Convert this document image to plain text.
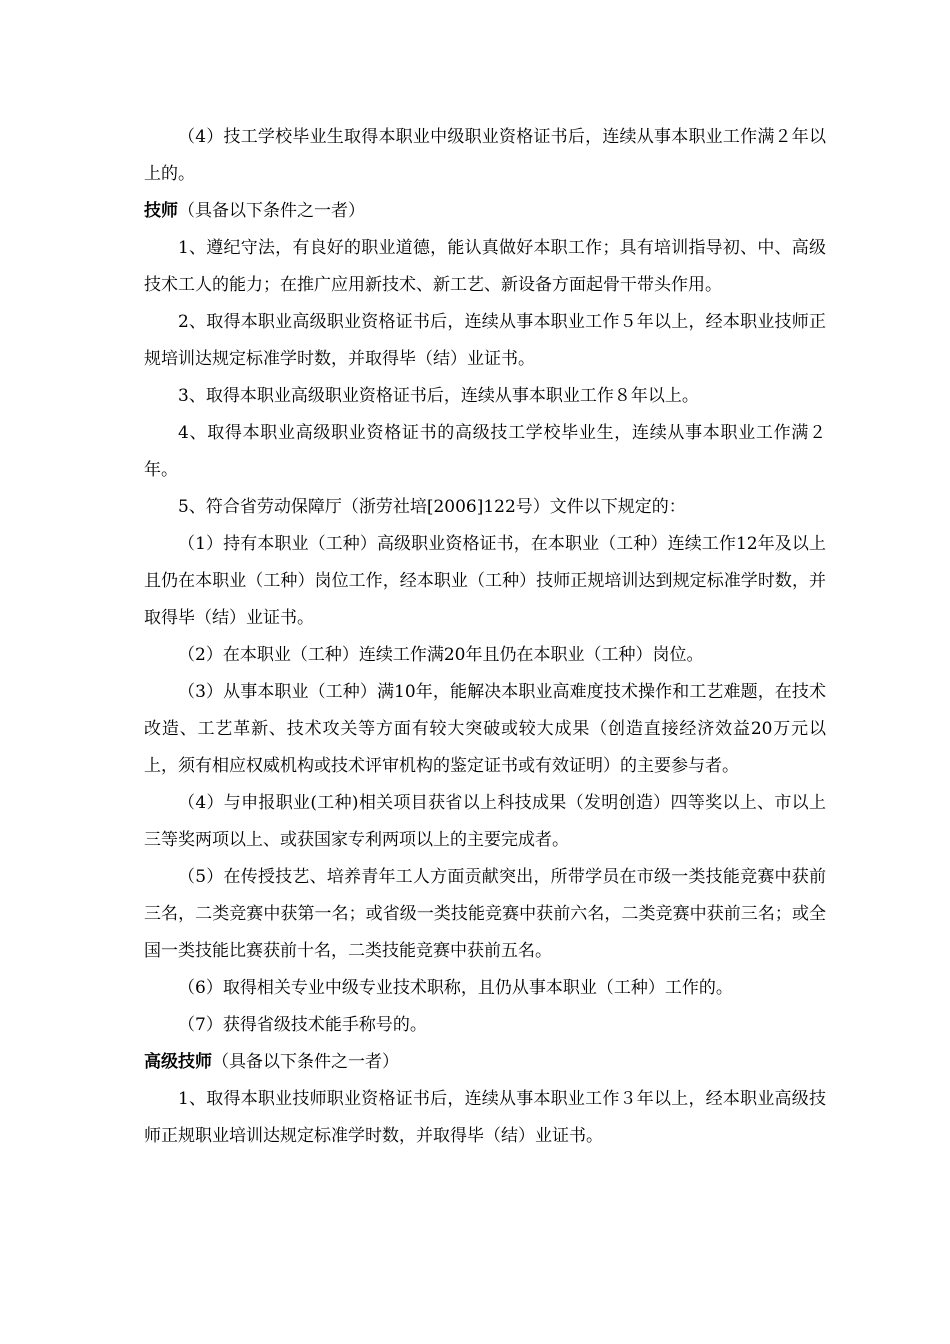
（4）技工学校毕业生取得本职业中级职业资格证书后，连续从事本职业工作满２年以上的。

技师（具备以下条件之一者）

1、遵纪守法，有良好的职业道德，能认真做好本职工作；具有培训指导初、中、高级技术工人的能力；在推广应用新技术、新工艺、新设备方面起骨干带头作用。

2、取得本职业高级职业资格证书后，连续从事本职业工作５年以上，经本职业技师正规培训达规定标准学时数，并取得毕（结）业证书。

3、取得本职业高级职业资格证书后，连续从事本职业工作８年以上。

4、取得本职业高级职业资格证书的高级技工学校毕业生，连续从事本职业工作满２年。

5、符合省劳动保障厅（浙劳社培[2006]122号）文件以下规定的：

（1）持有本职业（工种）高级职业资格证书，在本职业（工种）连续工作12年及以上且仍在本职业（工种）岗位工作，经本职业（工种）技师正规培训达到规定标准学时数，并取得毕（结）业证书。

（2）在本职业（工种）连续工作满20年且仍在本职业（工种）岗位。

（3）从事本职业（工种）满10年，能解决本职业高难度技术操作和工艺难题，在技术改造、工艺革新、技术攻关等方面有较大突破或较大成果（创造直接经济效益20万元以上，须有相应权威机构或技术评审机构的鉴定证书或有效证明）的主要参与者。

（4）与申报职业(工种)相关项目获省以上科技成果（发明创造）四等奖以上、市以上三等奖两项以上、或获国家专利两项以上的主要完成者。

（5）在传授技艺、培养青年工人方面贡献突出，所带学员在市级一类技能竞赛中获前三名，二类竞赛中获第一名；或省级一类技能竞赛中获前六名，二类竞赛中获前三名；或全国一类技能比赛获前十名，二类技能竞赛中获前五名。

（6）取得相关专业中级专业技术职称，且仍从事本职业（工种）工作的。

（7）获得省级技术能手称号的。

高级技师（具备以下条件之一者）

1、取得本职业技师职业资格证书后，连续从事本职业工作３年以上，经本职业高级技师正规职业培训达规定标准学时数，并取得毕（结）业证书。
